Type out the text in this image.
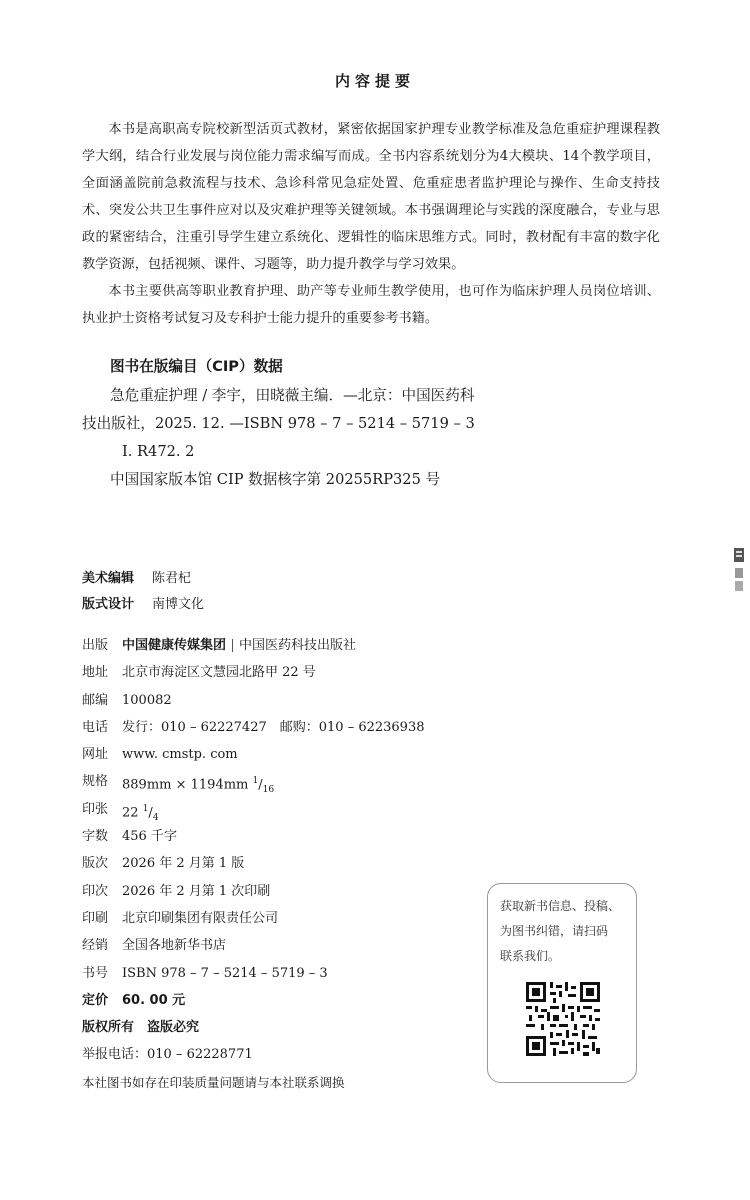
内容提要

本书是高职高专院校新型活页式教材，紧密依据国家护理专业教学标准及急危重症护理课程教学大纲，结合行业发展与岗位能力需求编写而成。全书内容系统划分为4大模块、14个教学项目，全面涵盖院前急救流程与技术、急诊科常见急症处置、危重症患者监护理论与操作、生命支持技术、突发公共卫生事件应对以及灾难护理等关键领域。本书强调理论与实践的深度融合，专业与思政的紧密结合，注重引导学生建立系统化、逻辑性的临床思维方式。同时，教材配有丰富的数字化教学资源，包括视频、课件、习题等，助力提升教学与学习效果。

本书主要供高等职业教育护理、助产等专业师生教学使用，也可作为临床护理人员岗位培训、执业护士资格考试复习及专科护士能力提升的重要参考书籍。

图书在版编目（CIP）数据
急危重症护理 / 李宇，田晓薇主编．—北京：中国医药科
技出版社，2025. 12. —ISBN 978 – 7 – 5214 – 5719 – 3
Ⅰ. R472. 2
中国国家版本馆 CIP 数据核字第 20255RP325 号
美术编辑	陈君杞
版式设计	南博文化
出版	中国健康传媒集团 中国医药科技出版社
地址	北京市海淀区文慧园北路甲 22 号
邮编	100082
电话	发行：010 – 62227427　邮购：010 – 62236938
网址	www. cmstp. com
规格	889mm × 1194mm $^1/_{16}$
印张	22 $^1/_4$
字数	456 千字
版次	2026 年 2 月第 1 版
印次	2026 年 2 月第 1 次印刷
印刷	北京印刷集团有限责任公司
经销	全国各地新华书店
书号	ISBN 978 – 7 – 5214 – 5719 – 3
定价	60. 00 元
版权所有　盗版必究
举报电话：010 – 62228771
本社图书如存在印装质量问题请与本社联系调换
获取新书信息、投稿、
为图书纠错，请扫码
联系我们。
